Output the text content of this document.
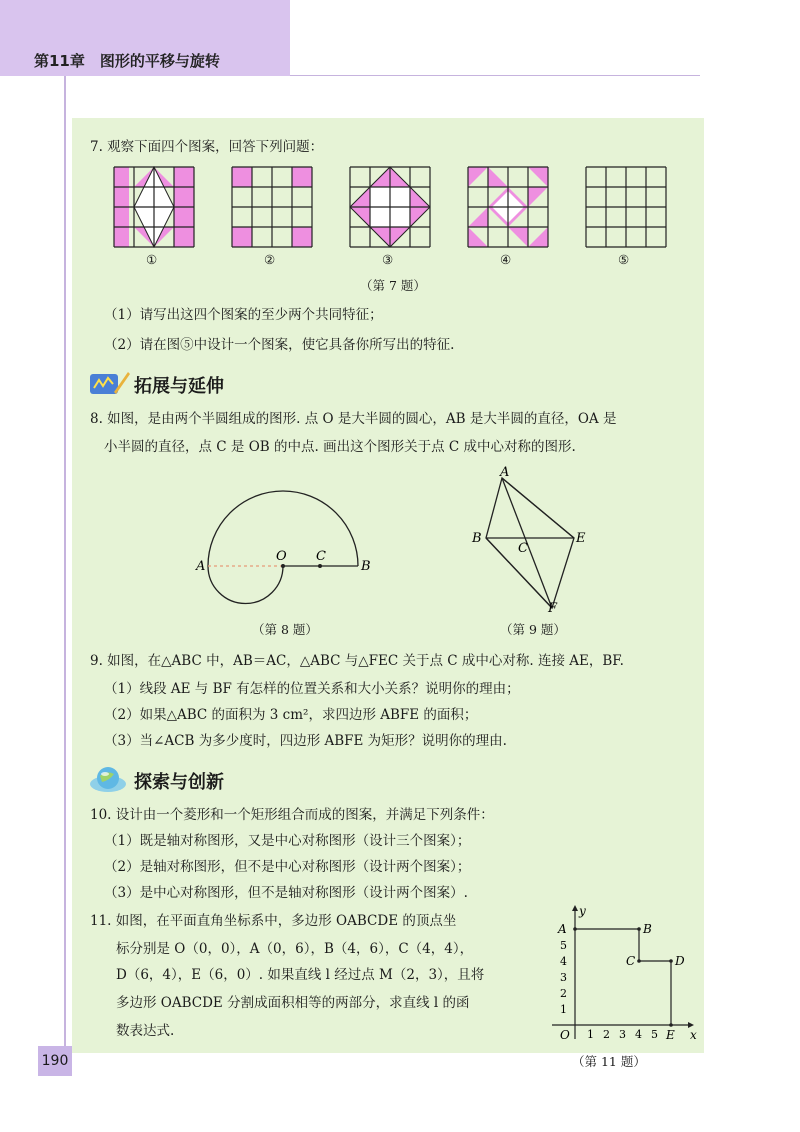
第11章　图形的平移与旋转
7. 观察下面四个图案，回答下列问题：
①	②	③	④	⑤
（第 7 题）
（1）请写出这四个图案的至少两个共同特征；
（2）请在图⑤中设计一个图案，使它具备你所写出的特征.
拓展与延伸
8. 如图，是由两个半圆组成的图形. 点 O 是大半圆的圆心，AB 是大半圆的直径，OA 是
小半圆的直径，点 C 是 OB 的中点. 画出这个图形关于点 C 成中心对称的图形.
A
O C
B
（第 8 题）
A
B
C
E
F
（第 9 题）
9. 如图，在△ABC 中，AB＝AC，△ABC 与△FEC 关于点 C 成中心对称. 连接 AE，BF.
（1）线段 AE 与 BF 有怎样的位置关系和大小关系？说明你的理由；
（2）如果△ABC 的面积为 3 cm²，求四边形 ABFE 的面积；
（3）当∠ACB 为多少度时，四边形 ABFE 为矩形？说明你的理由.
探索与创新
10. 设计由一个菱形和一个矩形组合而成的图案，并满足下列条件：
（1）既是轴对称图形，又是中心对称图形（设计三个图案）；
（2）是轴对称图形，但不是中心对称图形（设计两个图案）；
（3）是中心对称图形，但不是轴对称图形（设计两个图案）.
11. 如图，在平面直角坐标系中，多边形 OABCDE 的顶点坐
标分别是 O（0，0），A（0，6），B（4，6），C（4，4），
D（6，4），E（6，0）. 如果直线 l 经过点 M（2，3），且将
多边形 OABCDE 分割成面积相等的两部分，求直线 l 的函
数表达式.	x
y
1 2 3 4 5
1
2
3
4
5
O
A	B
C	D
E
（第 11 题）
190
